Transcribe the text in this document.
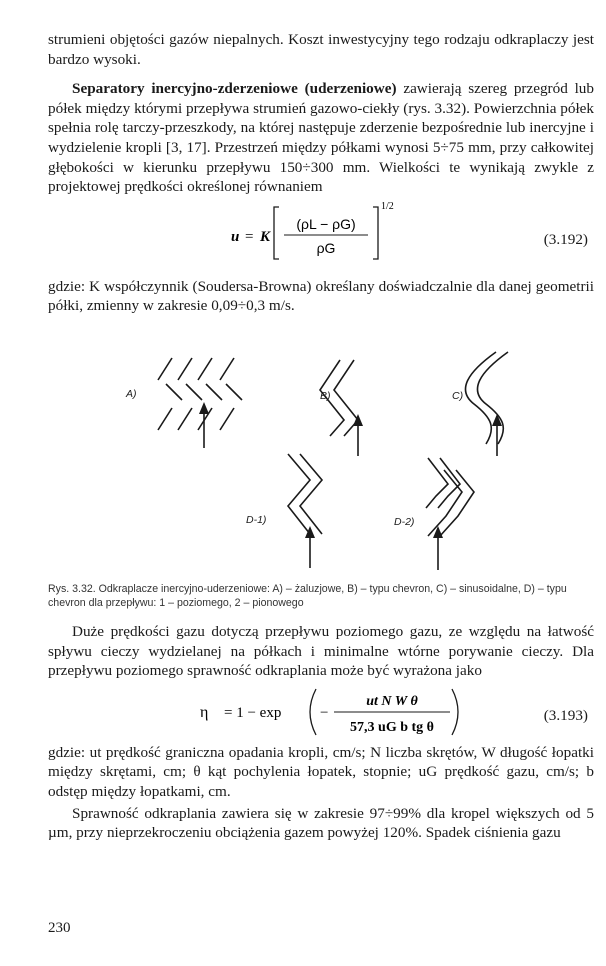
strumieni objętości gazów niepalnych. Koszt inwestycyjny tego rodzaju odkraplaczy jest bardzo wysoki.

Separatory inercyjno-zderzeniowe (uderzeniowe) zawierają szereg przegród lub półek między którymi przepływa strumień gazowo-ciekły (rys. 3.32). Powierzchnia półek spełnia rolę tarczy-przeszkody, na której następuje zderzenie bezpośrednie lub inercyjne i wydzielenie kropli [3, 17]. Przestrzeń między półkami wynosi 5÷75 mm, przy całkowitej głębokości w kierunku przepływu 150÷300 mm. Wielkości te wynikają zwykle z projektowej prędkości określonej równaniem

u = K
(ρL − ρG)
ρG
1/2
(3.192)

gdzie: K współczynnik (Soudersa-Browna) określany doświadczalnie dla danej geometrii półki, zmienny w zakresie 0,09÷0,3 m/s.

A)	B)	C)
D-1)	D-2)
Rys. 3.32. Odkraplacze inercyjno-uderzeniowe: A) – żaluzjowe, B) – typu chevron, C) – sinusoidalne, D) – typu chevron dla przepływu: 1 – poziomego, 2 – pionowego

Duże prędkości gazu dotyczą przepływu poziomego gazu, ze względu na łatwość spływu cieczy wydzielanej na półkach i minimalne wtórne porywanie cieczy. Dla przepływu poziomego sprawność odkraplania może być wyrażona jako

η = 1 − exp	−
ut N W θ
57,3 uG b tg θ
(3.193)

gdzie: ut prędkość graniczna opadania kropli, cm/s; N liczba skrętów, W długość łopatki między skrętami, cm; θ kąt pochylenia łopatek, stopnie; uG prędkość gazu, cm/s; b odstęp między łopatkami, cm.

Sprawność odkraplania zawiera się w zakresie 97÷99% dla kropel większych od 5 µm, przy nieprzekroczeniu obciążenia gazem powyżej 120%. Spadek ciśnienia gazu

230
